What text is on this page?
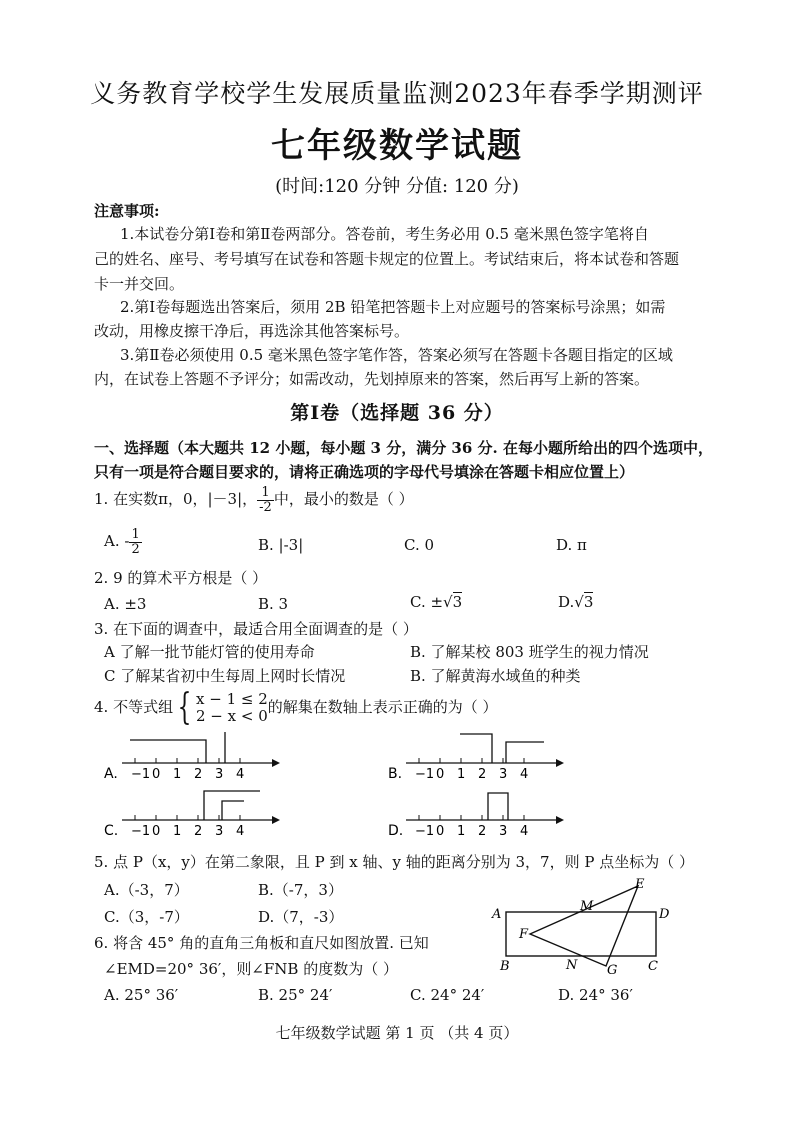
义务教育学校学生发展质量监测2023年春季学期测评
七年级数学试题
(时间:120 分钟 分值: 120 分)
注意事项:
1.本试卷分第Ⅰ卷和第Ⅱ卷两部分。答卷前，考生务必用 0.5 毫米黑色签字笔将自
己的姓名、座号、考号填写在试卷和答题卡规定的位置上。考试结束后，将本试卷和答题
卡一并交回。
2.第Ⅰ卷每题选出答案后，须用 2B 铅笔把答题卡上对应题号的答案标号涂黑；如需
改动，用橡皮擦干净后，再选涂其他答案标号。
3.第Ⅱ卷必须使用 0.5 毫米黑色签字笔作答，答案必须写在答题卡各题目指定的区域
内，在试卷上答题不予评分；如需改动，先划掉原来的答案，然后再写上新的答案。
第Ⅰ卷（选择题 36 分）
一、选择题（本大题共 12 小题，每小题 3 分，满分 36 分. 在每小题所给出的四个选项中，
只有一项是符合题目要求的，请将正确选项的字母代号填涂在答题卡相应位置上）
1. 在实数π，0，|－3|， $\frac{1}{-2}$ 中，最小的数是（ ）
A. - $\frac{1}{2}$	B. |-3|	C. 0	D. π
2. 9 的算术平方根是（ ）
A. ±3	B. 3	C. ±√3	D.√3
3. 在下面的调查中，最适合用全面调查的是（ ）
A 了解一批节能灯管的使用寿命	B. 了解某校 803 班学生的视力情况
C 了解某省初中生每周上网时长情况	B. 了解黄海水域鱼的种类
4. 不等式组 { x − 1 ≤ 2
2 − x < 0 的解集在数轴上表示正确的为（ ）
A. −1 0 1 2 3 4	B. −1 0 1 2 3 4
C. −1 0 1 2 3 4	D. −1 0 1 2 3 4
5. 点 P（x，y）在第二象限，且 P 到 x 轴、y 轴的距离分别为 3，7，则 P 点坐标为（ ）
A.（-3，7）	B.（-7，3）
C.（3，-7）	D.（7，-3）
6. 将含 45° 角的直角三角板和直尺如图放置. 已知
∠EMD=20° 36′，则∠FNB 的度数为（ ）
A. 25° 36′	B. 25° 24′	C. 24° 24′	D. 24° 36′
A
B	C
D
E
F
G
M
N
七年级数学试题 第 1 页 （共 4 页）
